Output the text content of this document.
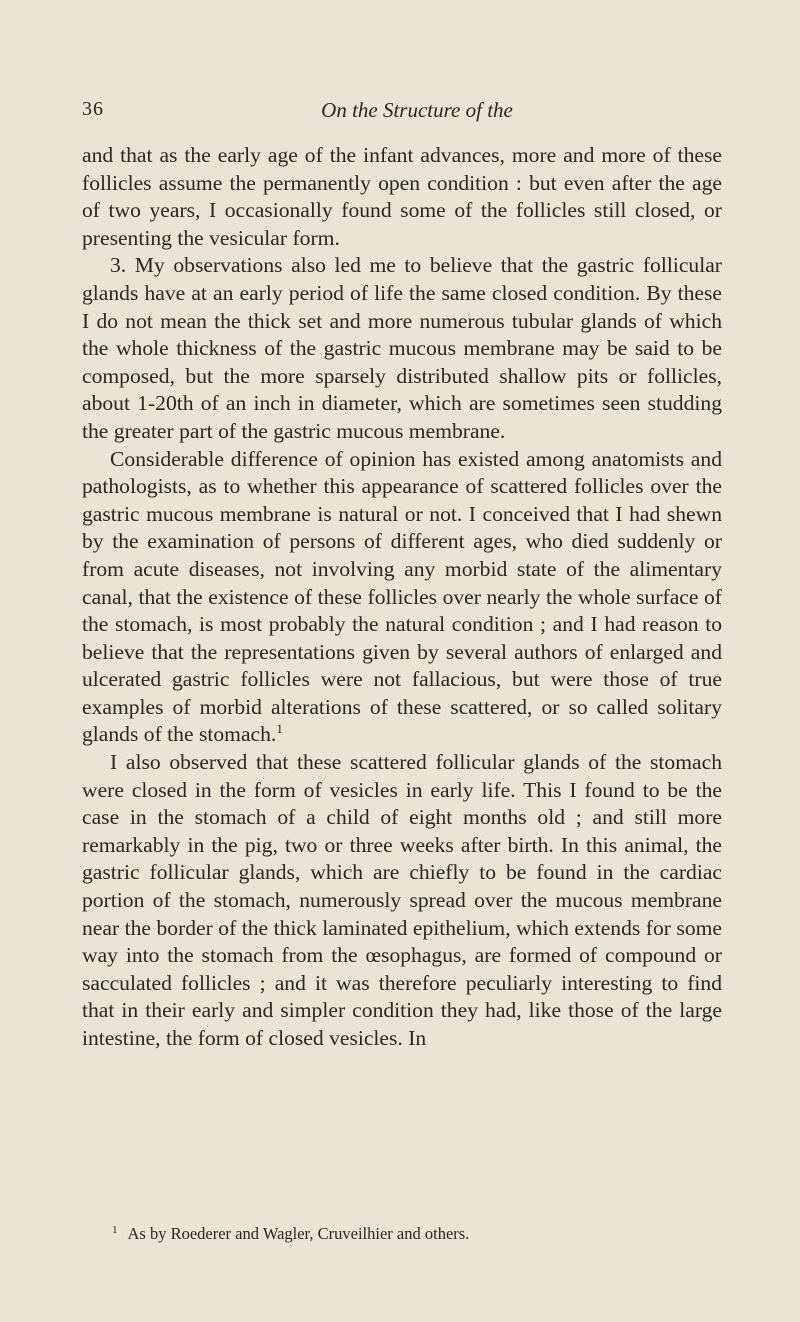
36	On the Structure of the

and that as the early age of the infant advances, more and more of these follicles assume the permanently open condition : but even after the age of two years, I occasionally found some of the follicles still closed, or presenting the vesicular form.

3. My observations also led me to believe that the gastric follicular glands have at an early period of life the same closed condition. By these I do not mean the thick set and more numerous tubular glands of which the whole thickness of the gastric mucous membrane may be said to be composed, but the more sparsely distributed shallow pits or follicles, about 1-20th of an inch in diameter, which are sometimes seen studding the greater part of the gastric mucous membrane.

Considerable difference of opinion has existed among anatomists and pathologists, as to whether this appearance of scattered follicles over the gastric mucous membrane is natural or not. I conceived that I had shewn by the examination of persons of different ages, who died suddenly or from acute diseases, not involving any morbid state of the alimentary canal, that the existence of these follicles over nearly the whole surface of the stomach, is most probably the natural condition ; and I had reason to believe that the representations given by several authors of enlarged and ulcerated gastric follicles were not fallacious, but were those of true examples of morbid alterations of these scattered, or so called solitary glands of the stomach.$^1$

I also observed that these scattered follicular glands of the stomach were closed in the form of vesicles in early life. This I found to be the case in the stomach of a child of eight months old ; and still more remarkably in the pig, two or three weeks after birth. In this animal, the gastric follicular glands, which are chiefly to be found in the cardiac portion of the stomach, numerously spread over the mucous membrane near the border of the thick laminated epithelium, which extends for some way into the stomach from the œsophagus, are formed of compound or sacculated follicles ; and it was therefore peculiarly interesting to find that in their early and simpler condition they had, like those of the large intestine, the form of closed vesicles. In

$^1$ As by Roederer and Wagler, Cruveilhier and others.
